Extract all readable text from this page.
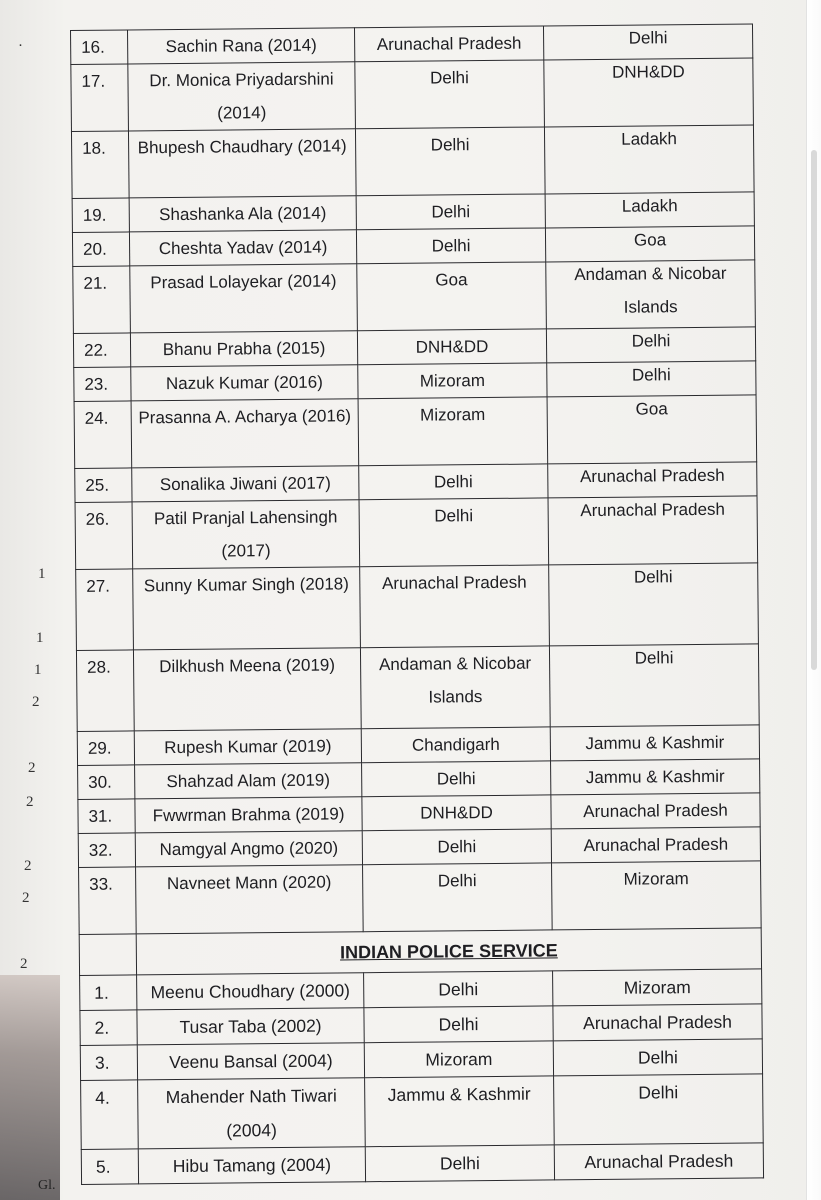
·
1
1
1
2
2
2
2
2
2
16.	Sachin Rana (2014)	Arunachal Pradesh	Delhi
17.	Dr. Monica Priyadarshini (2014)	Delhi	DNH&DD
18.	Bhupesh Chaudhary (2014)	Delhi	Ladakh
19.	Shashanka Ala (2014)	Delhi	Ladakh
20.	Cheshta Yadav (2014)	Delhi	Goa
21.	Prasad Lolayekar (2014)	Goa	Andaman & Nicobar Islands
22.	Bhanu Prabha (2015)	DNH&DD	Delhi
23.	Nazuk Kumar (2016)	Mizoram	Delhi
24.	Prasanna A. Acharya (2016)	Mizoram	Goa
25.	Sonalika Jiwani (2017)	Delhi	Arunachal Pradesh
26.	Patil Pranjal Lahensingh (2017)	Delhi	Arunachal Pradesh
27.	Sunny Kumar Singh (2018)	Arunachal Pradesh	Delhi
28.	Dilkhush Meena (2019)	Andaman & Nicobar Islands	Delhi
29.	Rupesh Kumar (2019)	Chandigarh	Jammu & Kashmir
30.	Shahzad Alam (2019)	Delhi	Jammu & Kashmir
31.	Fwwrman Brahma (2019)	DNH&DD	Arunachal Pradesh
32.	Namgyal Angmo (2020)	Delhi	Arunachal Pradesh
33.	Navneet Mann (2020)	Delhi	Mizoram
	INDIAN POLICE SERVICE		
1.	Meenu Choudhary (2000)	Delhi	Mizoram
2.	Tusar Taba (2002)	Delhi	Arunachal Pradesh
3.	Veenu Bansal (2004)	Mizoram	Delhi
4.	Mahender Nath Tiwari (2004)	Jammu & Kashmir	Delhi
5.	Hibu Tamang (2004)	Delhi	Arunachal Pradesh
Gl.
